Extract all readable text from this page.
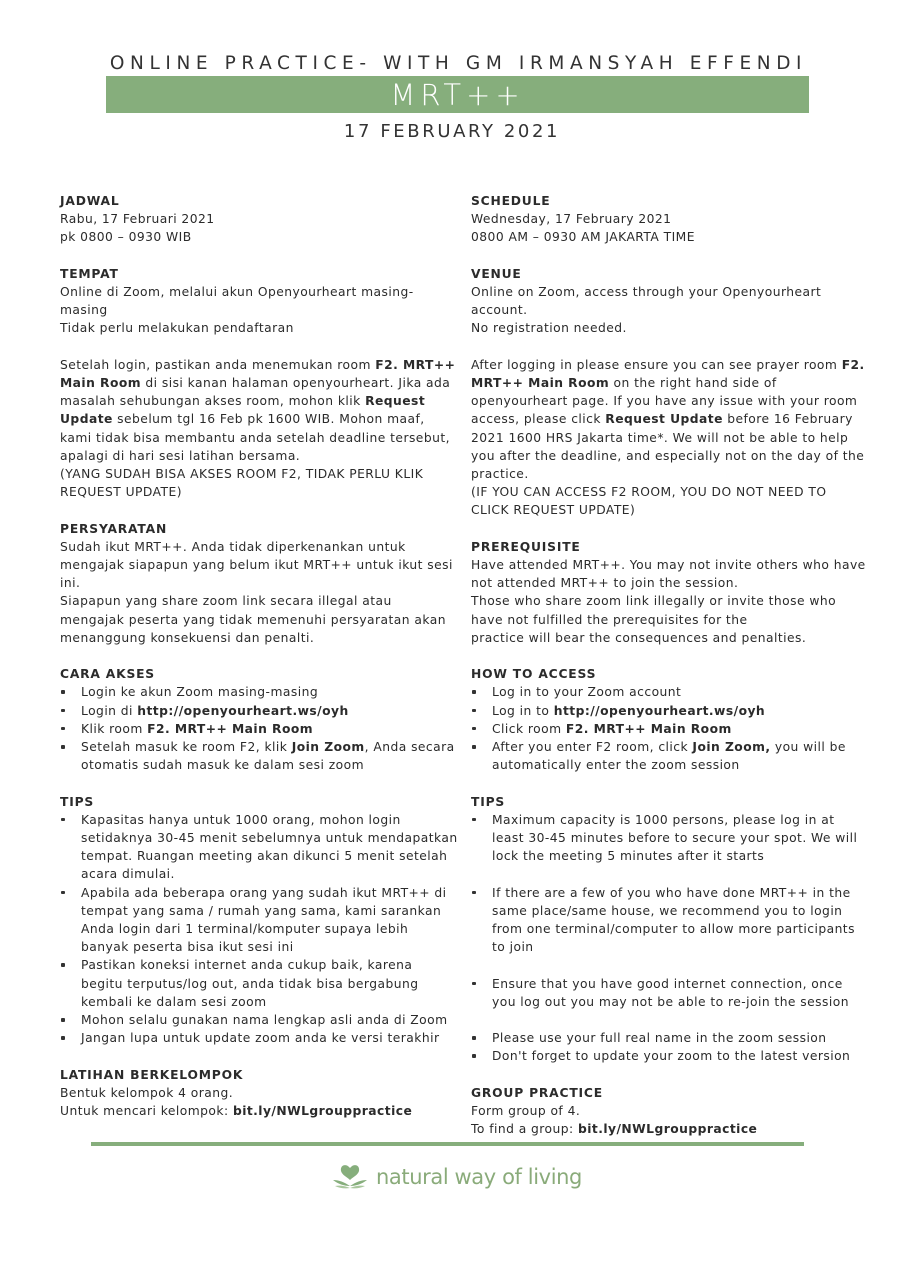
ONLINE PRACTICE- WITH GM IRMANSYAH EFFENDI
MRT++
17 FEBRUARY 2021
JADWAL

Rabu, 17 Februari 2021

pk 0800 – 0930 WIB

TEMPAT

Online di Zoom, melalui akun Openyourheart masing-masing

Tidak perlu melakukan pendaftaran

Setelah login, pastikan anda menemukan room F2. MRT++ Main Room di sisi kanan halaman openyourheart. Jika ada masalah sehubungan akses room, mohon klik Request Update sebelum tgl 16 Feb pk 1600 WIB. Mohon maaf, kami tidak bisa membantu anda setelah deadline tersebut, apalagi di hari sesi latihan bersama.

(YANG SUDAH BISA AKSES ROOM F2, TIDAK PERLU KLIK REQUEST UPDATE)

PERSYARATAN

Sudah ikut MRT++. Anda tidak diperkenankan untuk mengajak siapapun yang belum ikut MRT++ untuk ikut sesi ini.

Siapapun yang share zoom link secara illegal atau mengajak peserta yang tidak memenuhi persyaratan akan menanggung konsekuensi dan penalti.

CARA AKSES
Login ke akun Zoom masing-masing
Login di http://openyourheart.ws/oyh
Klik room F2. MRT++ Main Room
Setelah masuk ke room F2, klik Join Zoom, Anda secara otomatis sudah masuk ke dalam sesi zoom
TIPS
Kapasitas hanya untuk 1000 orang, mohon login setidaknya 30-45 menit sebelumnya untuk mendapatkan tempat. Ruangan meeting akan dikunci 5 menit setelah acara dimulai.
Apabila ada beberapa orang yang sudah ikut MRT++ di tempat yang sama / rumah yang sama, kami sarankan Anda login dari 1 terminal/komputer supaya lebih banyak peserta bisa ikut sesi ini
Pastikan koneksi internet anda cukup baik, karena begitu terputus/log out, anda tidak bisa bergabung kembali ke dalam sesi zoom
Mohon selalu gunakan nama lengkap asli anda di Zoom
Jangan lupa untuk update zoom anda ke versi terakhir
LATIHAN BERKELOMPOK

Bentuk kelompok 4 orang.

Untuk mencari kelompok: bit.ly/NWLgrouppractice

SCHEDULE

Wednesday, 17 February 2021

0800 AM – 0930 AM JAKARTA TIME

VENUE

Online on Zoom, access through your Openyourheart account.

No registration needed.

After logging in please ensure you can see prayer room F2. MRT++ Main Room on the right hand side of openyourheart page. If you have any issue with your room access, please click Request Update before 16 February 2021 1600 HRS Jakarta time*. We will not be able to help you after the deadline, and especially not on the day of the practice.

(IF YOU CAN ACCESS F2 ROOM, YOU DO NOT NEED TO CLICK REQUEST UPDATE)

PREREQUISITE

Have attended MRT++. You may not invite others who have not attended MRT++ to join the session.

Those who share zoom link illegally or invite those who have not fulfilled the prerequisites for the

practice will bear the consequences and penalties.

HOW TO ACCESS
Log in to your Zoom account
Log in to http://openyourheart.ws/oyh
Click room F2. MRT++ Main Room
After you enter F2 room, click Join Zoom, you will be automatically enter the zoom session
TIPS
Maximum capacity is 1000 persons, please log in at least 30-45 minutes before to secure your spot. We will lock the meeting 5 minutes after it starts
If there are a few of you who have done MRT++ in the same place/same house, we recommend you to login from one terminal/computer to allow more participants to join
Ensure that you have good internet connection, once you log out you may not be able to re-join the session
Please use your full real name in the zoom session
Don't forget to update your zoom to the latest version
GROUP PRACTICE

Form group of 4.

To find a group: bit.ly/NWLgrouppractice

natural way of living
